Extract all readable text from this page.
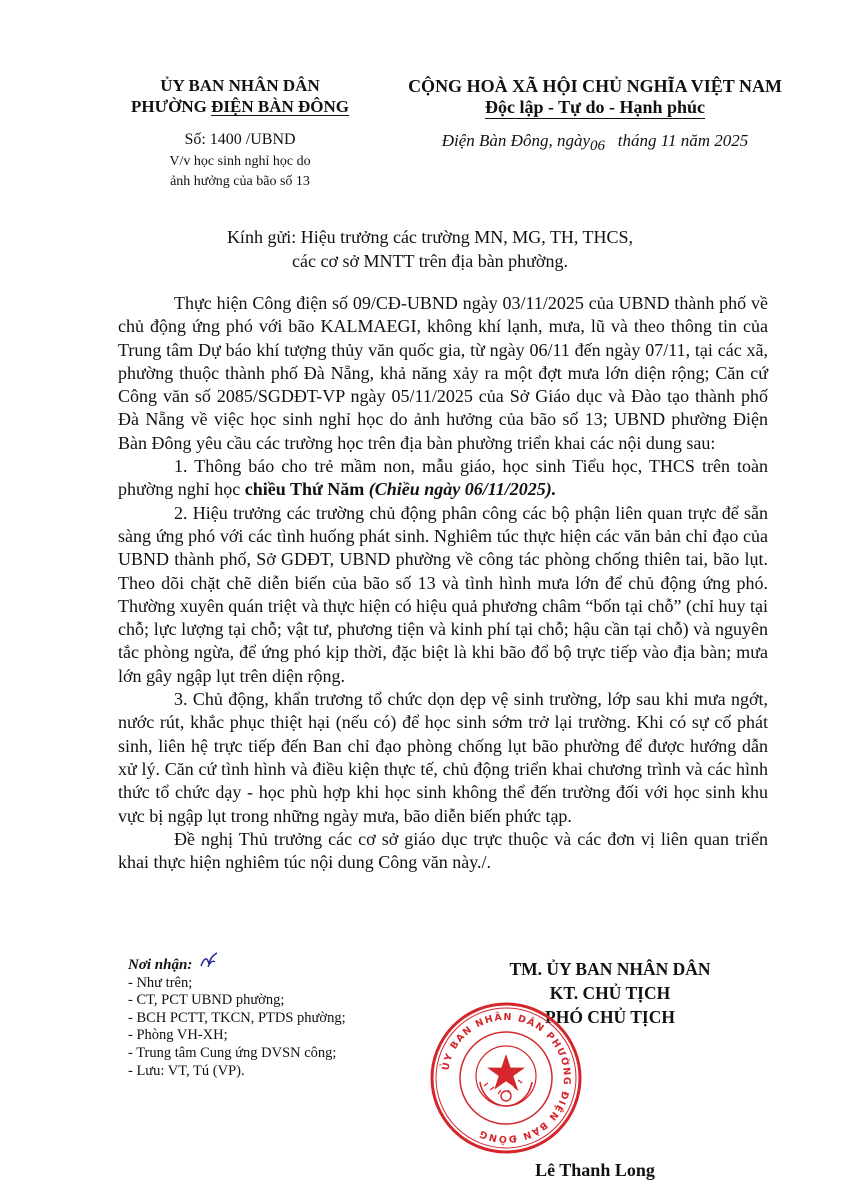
ỦY BAN NHÂN DÂN
PHƯỜNG ĐIỆN BÀN ĐÔNG
Số: 1400 /UBND
V/v học sinh nghỉ học do
ảnh hưởng của bão số 13
CỘNG HOÀ XÃ HỘI CHỦ NGHĨA VIỆT NAM
Độc lập - Tự do - Hạnh phúc
Điện Bàn Đông, ngày06 tháng 11 năm 2025
Kính gửi: Hiệu trưởng các trường MN, MG, TH, THCS,
các cơ sở MNTT trên địa bàn phường.

Thực hiện Công điện số 09/CĐ-UBND ngày 03/11/2025 của UBND thành phố về chủ động ứng phó với bão KALMAEGI, không khí lạnh, mưa, lũ và theo thông tin của Trung tâm Dự báo khí tượng thủy văn quốc gia, từ ngày 06/11 đến ngày 07/11, tại các xã, phường thuộc thành phố Đà Nẵng, khả năng xảy ra một đợt mưa lớn diện rộng; Căn cứ Công văn số 2085/SGDĐT-VP ngày 05/11/2025 của Sở Giáo dục và Đào tạo thành phố Đà Nẵng về việc học sinh nghỉ học do ảnh hưởng của bão số 13; UBND phường Điện Bàn Đông yêu cầu các trường học trên địa bàn phường triển khai các nội dung sau:

1. Thông báo cho trẻ mầm non, mẫu giáo, học sinh Tiểu học, THCS trên toàn phường nghỉ học chiều Thứ Năm (Chiều ngày 06/11/2025).

2. Hiệu trưởng các trường chủ động phân công các bộ phận liên quan trực để sẵn sàng ứng phó với các tình huống phát sinh. Nghiêm túc thực hiện các văn bản chỉ đạo của UBND thành phố, Sở GDĐT, UBND phường về công tác phòng chống thiên tai, bão lụt. Theo dõi chặt chẽ diễn biến của bão số 13 và tình hình mưa lớn để chủ động ứng phó. Thường xuyên quán triệt và thực hiện có hiệu quả phương châm “bốn tại chỗ” (chỉ huy tại chỗ; lực lượng tại chỗ; vật tư, phương tiện và kinh phí tại chỗ; hậu cần tại chỗ) và nguyên tắc phòng ngừa, để ứng phó kịp thời, đặc biệt là khi bão đổ bộ trực tiếp vào địa bàn; mưa lớn gây ngập lụt trên diện rộng.

3. Chủ động, khẩn trương tổ chức dọn dẹp vệ sinh trường, lớp sau khi mưa ngớt, nước rút, khắc phục thiệt hại (nếu có) để học sinh sớm trở lại trường. Khi có sự cố phát sinh, liên hệ trực tiếp đến Ban chỉ đạo phòng chống lụt bão phường để được hướng dẫn xử lý. Căn cứ tình hình và điều kiện thực tế, chủ động triển khai chương trình và các hình thức tổ chức dạy - học phù hợp khi học sinh không thể đến trường đối với học sinh khu vực bị ngập lụt trong những ngày mưa, bão diễn biến phức tạp.

Đề nghị Thủ trưởng các cơ sở giáo dục trực thuộc và các đơn vị liên quan triển khai thực hiện nghiêm túc nội dung Công văn này./.

Nơi nhận:
- Như trên;
- CT, PCT UBND phường;
- BCH PCTT, TKCN, PTDS phường;
- Phòng VH-XH;
- Trung tâm Cung ứng DVSN công;
- Lưu: VT, Tú (VP).
TM. ỦY BAN NHÂN DÂN
KT. CHỦ TỊCH
PHÓ CHỦ TỊCH
ỦY BAN NHÂN DÂN PHƯỜNG ĐIỆN BÀN ĐÔNG
Lê Thanh Long
